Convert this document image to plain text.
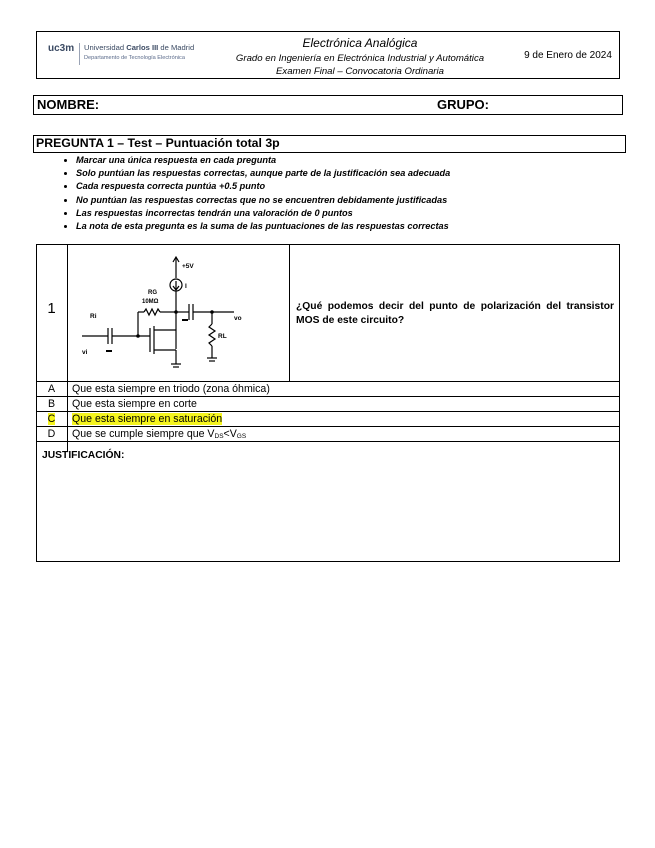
uc3m Universidad Carlos III de Madrid
Departamento de Tecnología Electrónica
Electrónica Analógica
Grado en Ingeniería en Electrónica Industrial y Automática
Examen Final – Convocatoria Ordinaria
9 de Enero de 2024
NOMBRE:	GRUPO:
PREGUNTA 1 – Test – Puntuación total 3p
• Marcar una única respuesta en cada pregunta
• Solo puntúan las respuestas correctas, aunque parte de la justificación sea adecuada
• Cada respuesta correcta puntúa +0.5 punto
• No puntúan las respuestas correctas que no se encuentren debidamente justificadas
• Las respuestas incorrectas tendrán una valoración de 0 puntos
• La nota de esta pregunta es la suma de las puntuaciones de las respuestas correctas
1	¿Qué podemos decir del punto de polarización del transistor MOS de este circuito?
+5V
I
RG
10MΩ
Ri
vi
vo
RL
A	Que esta siempre en triodo (zona óhmica)
B	Que esta siempre en corte
C	Que esta siempre en saturación
D	Que se cumple siempre que $V_{DS}<V_{GS}$
JUSTIFICACIÓN:
